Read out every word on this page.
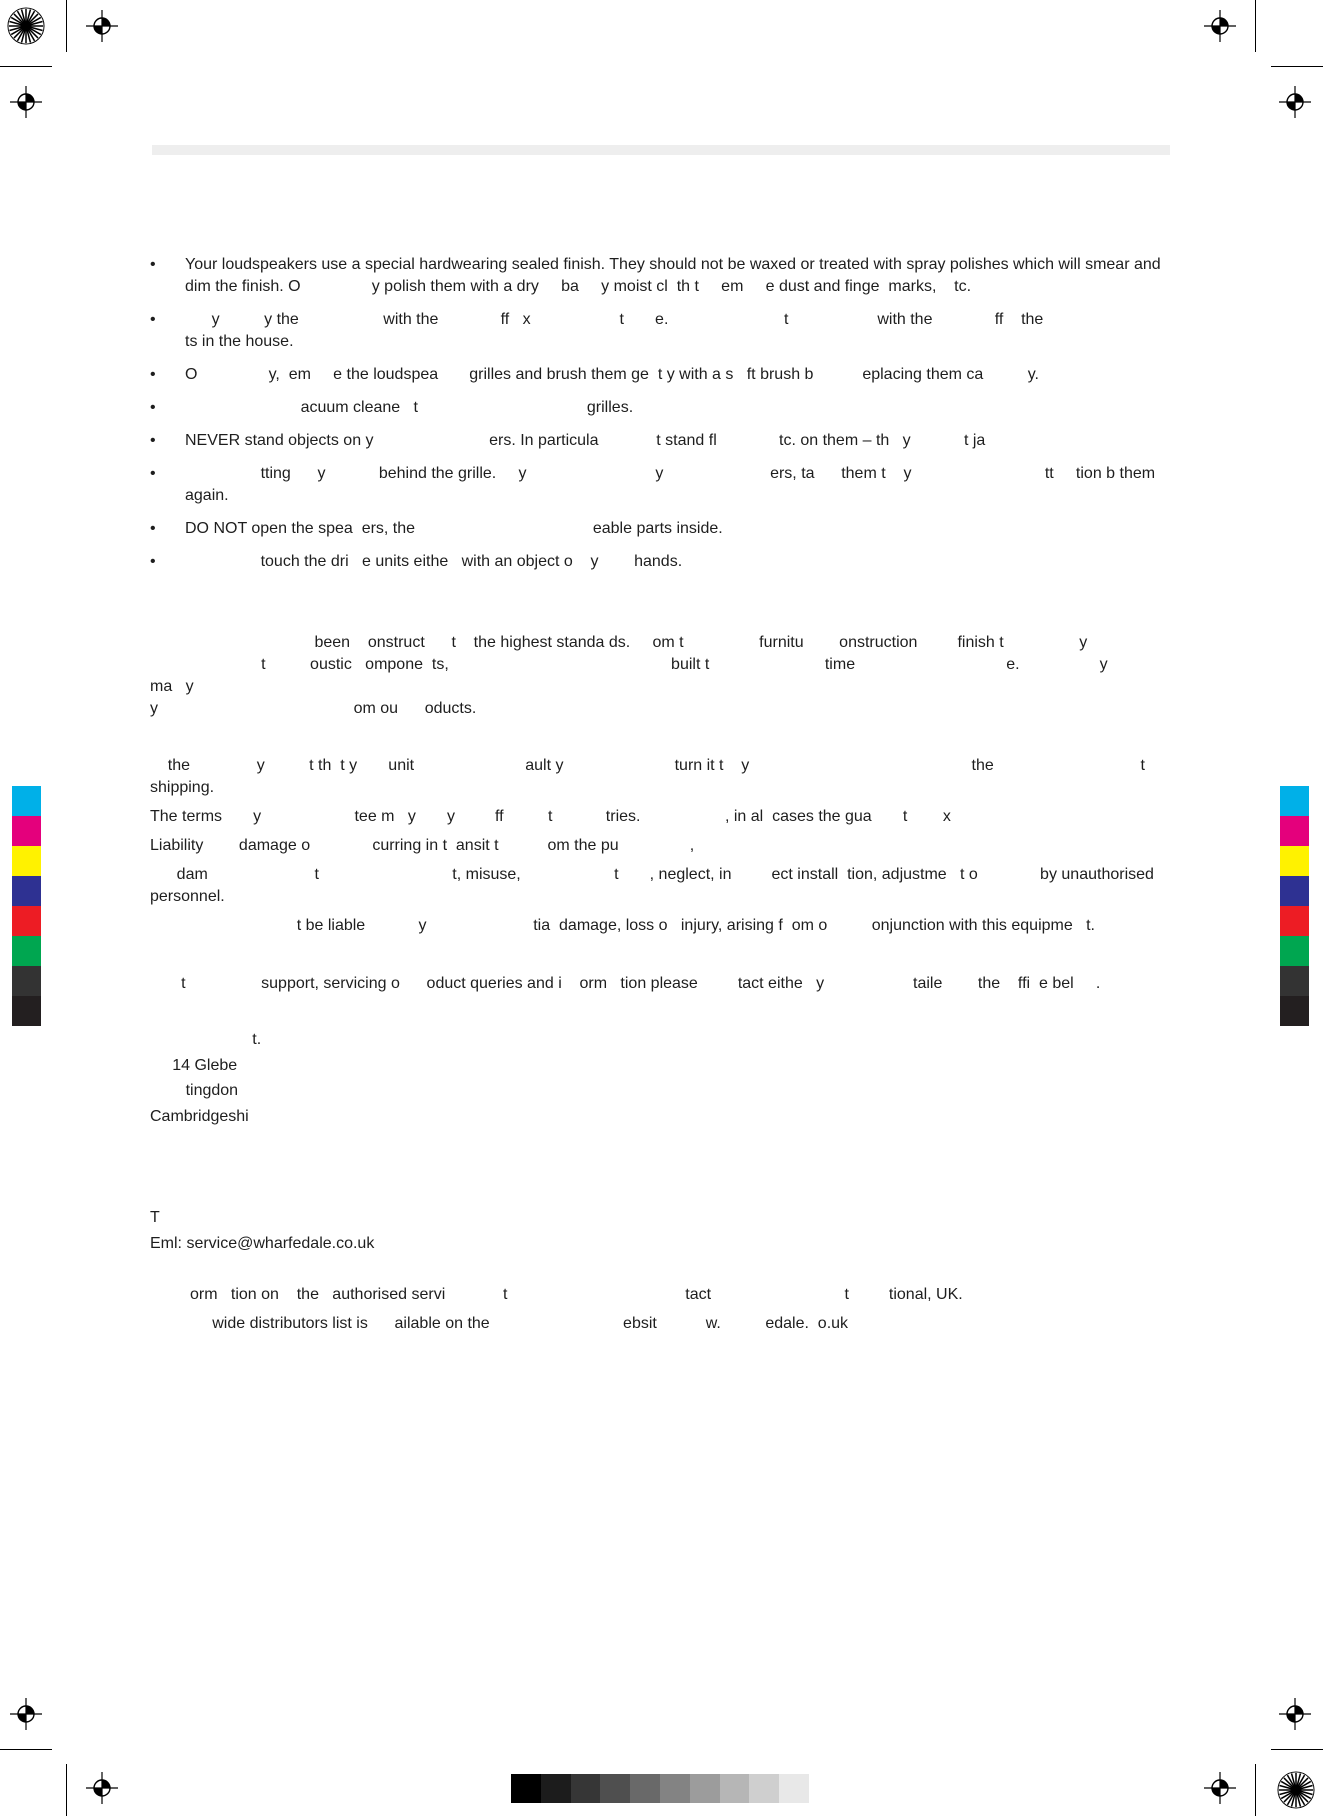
• Your loudspeakers use a special hardwearing sealed finish. They should not be waxed or treated with spray polishes which will smear and dim the finish. O                y polish them with a dry     ba     y moist cl  th t     em     e dust and finge  marks,    tc.
•       y          y the                   with the              ff   x                    t       e.                          t                    with the              ff    the                                      ts in the house.
• O                y,  em     e the loudspea       grilles and brush them ge  t y with a s   ft brush b           eplacing them ca          y.
•                           acuum cleane   t                                      grilles.
• NEVER stand objects on y                          ers. In particula             t stand fl              tc. on them – th   y            t ja
•                  tting      y            behind the grille.     y                             y                        ers, ta      them t    y                              tt     tion b them again.
• DO NOT open the spea  ers, the                                        eable parts inside.
•                  touch the dri   e units eithe   with an object o    y        hands.

been    onstruct      t    the highest standa ds.     om t                 furnitu        onstruction         finish t                 y

t          oustic   ompone  ts,                                                  built t                          time                                  e.                  y                              ma   y

y                                            om ou      oducts.

the               y          t th  t y       unit                         ault y                         turn it t    y                                                  the                                 t shipping.

The terms       y                     tee m   y       y         ff          t            tries.                   , in al  cases the gua       t        x

Liability        damage o              curring in t  ansit t           om the pu                ,

dam                        t                              t, misuse,                     t       , neglect, in         ect install  tion, adjustme   t o              by unauthorised personnel.

t be liable            y                        tia  damage, loss o   injury, arising f  om o          onjunction with this equipme   t.

t                 support, servicing o      oduct queries and i    orm   tion please         tact eithe   y                    taile        the    ffi  e bel     .

t.

14 Glebe

tingdon

Cambridgeshi

T

Eml: service@wharfedale.co.uk

orm   tion on    the   authorised servi             t                                        tact                              t         tional, UK.

wide distributors list is      ailable on the                              ebsit           w.          edale.  o.uk
